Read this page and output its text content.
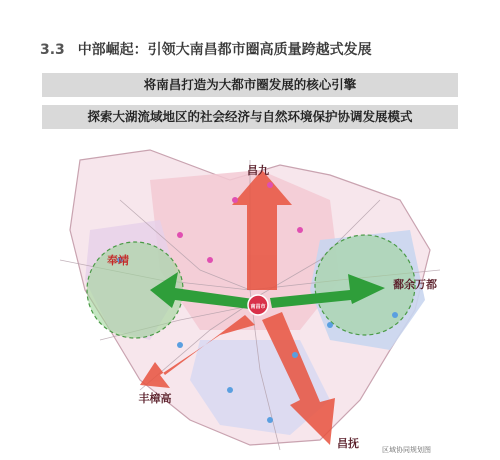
3.3 中部崛起：引领大南昌都市圈高质量跨越式发展
将南昌打造为大都市圈发展的核心引擎
探索大湖流域地区的社会经济与自然环境保护协调发展模式
南昌市
昌九
奉靖
鄱余万都
丰樟高
昌抚	区域协同规划图
